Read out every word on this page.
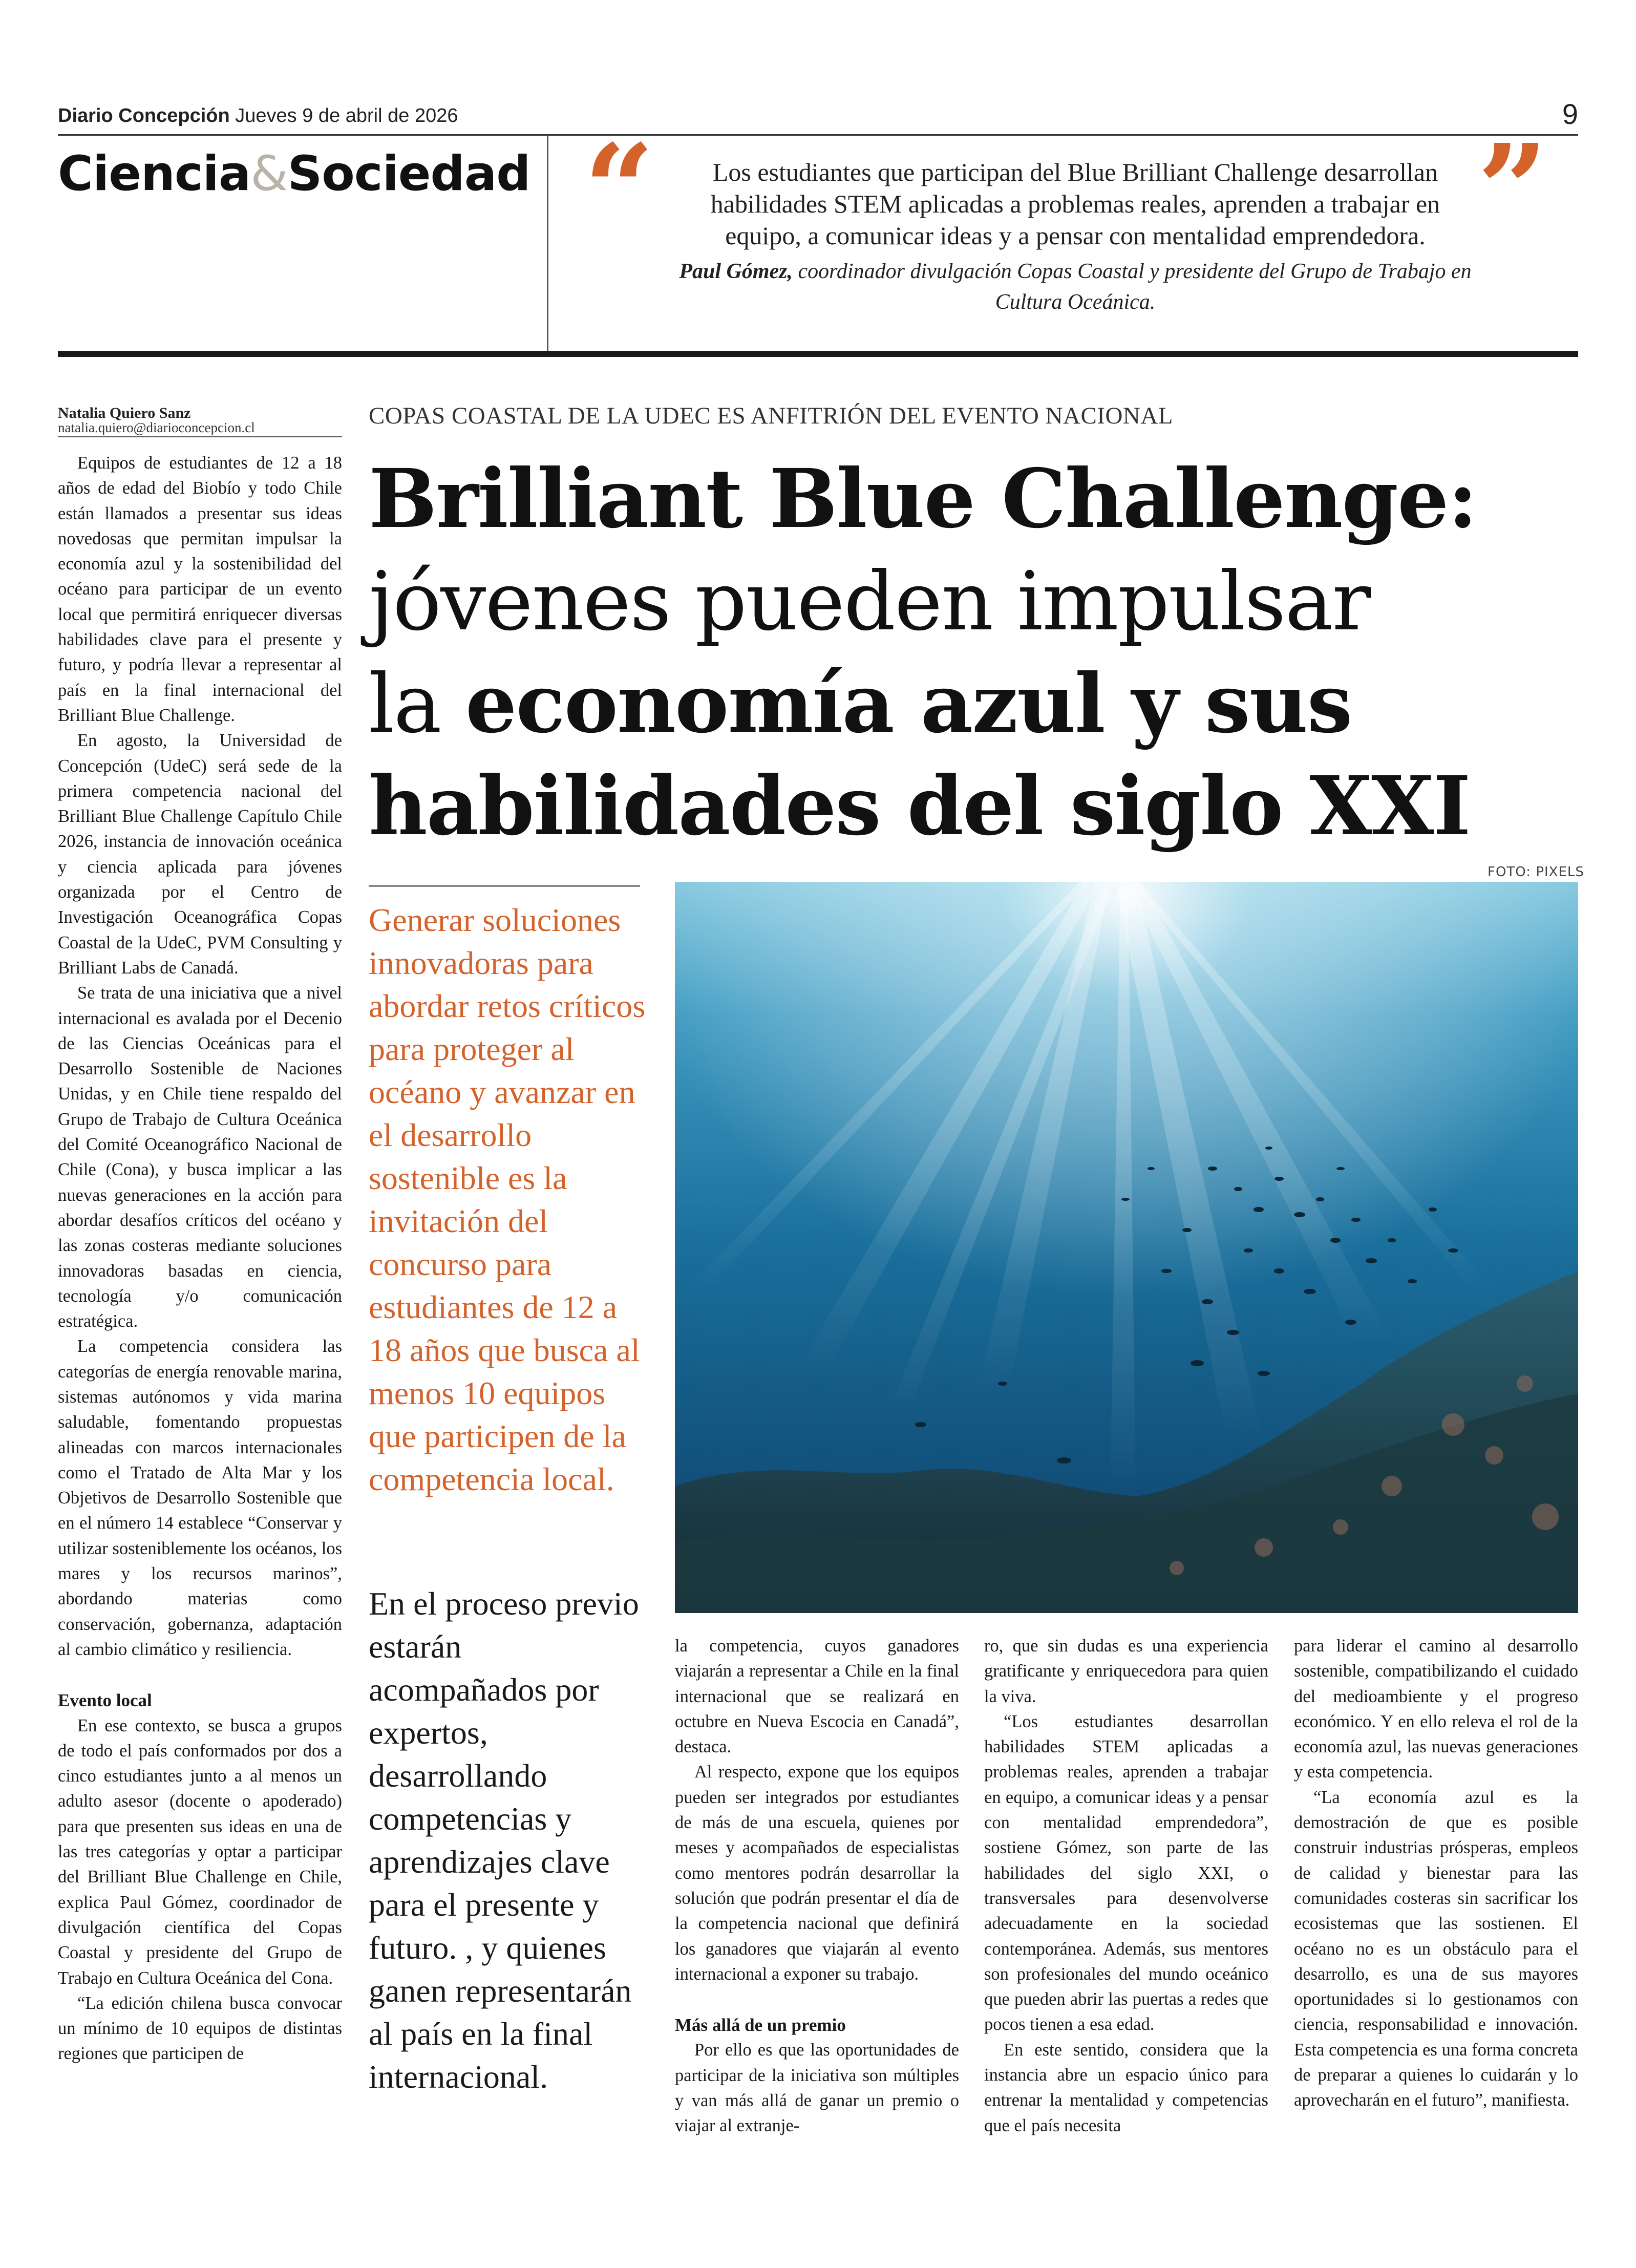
Diario Concepción Jueves 9 de abril de 2026	9
Ciencia&Sociedad “	Los estudiantes que participan del Blue Brilliant Challenge desarrollan habilidades STEM aplicadas a problemas reales, aprenden a trabajar en equipo, a comunicar ideas y a pensar con mentalidad emprendedora.
Paul Gómez, coordinador divulgación Copas Coastal y presidente del Grupo de Trabajo en Cultura Oceánica.
”
Natalia Quiero Sanz
natalia.quiero@diarioconcepcion.cl	COPAS COASTAL DE LA UDEC ES ANFITRIÓN DEL EVENTO NACIONAL
Brilliant Blue Challenge:
jóvenes pueden impulsar
la economía azul y sus
habilidades del siglo XXI

Equipos de estudiantes de 12 a 18 años de edad del Biobío y todo Chile están llamados a presentar sus ideas novedosas que permitan impulsar la economía azul y la sostenibilidad del océano para participar de un evento local que permitirá enriquecer diversas habilidades clave para el presente y futuro, y podría llevar a representar al país en la final internacional del Brilliant Blue Challenge.

En agosto, la Universidad de Concepción (UdeC) será sede de la primera competencia nacional del Brilliant Blue Challenge Capítulo Chile 2026, instancia de innovación oceánica y ciencia aplicada para jóvenes organizada por el Centro de Investigación Oceanográfica Copas Coastal de la UdeC, PVM Consulting y Brilliant Labs de Canadá.

Se trata de una iniciativa que a nivel internacional es avalada por el Decenio de las Ciencias Oceánicas para el Desarrollo Sostenible de Naciones Unidas, y en Chile tiene respaldo del Grupo de Trabajo de Cultura Oceánica del Comité Oceanográfico Nacional de Chile (Cona), y busca implicar a las nuevas generaciones en la acción para abordar desafíos críticos del océano y las zonas costeras mediante soluciones innovadoras basadas en ciencia, tecnología y/o comunicación estratégica.

La competencia considera las categorías de energía renovable marina, sistemas autónomos y vida marina saludable, fomentando propuestas alineadas con marcos internacionales como el Tratado de Alta Mar y los Objetivos de Desarrollo Sostenible que en el número 14 establece “Conservar y utilizar sosteniblemente los océanos, los mares y los recursos marinos”, abordando materias como conservación, gobernanza, adaptación al cambio climático y resiliencia.

Evento local

En ese contexto, se busca a grupos de todo el país conformados por dos a cinco estudiantes junto a al menos un adulto asesor (docente o apoderado) para que presenten sus ideas en una de las tres categorías y optar a participar del Brilliant Blue Challenge en Chile, explica Paul Gómez, coordinador de divulgación científica del Copas Coastal y presidente del Grupo de Trabajo en Cultura Oceánica del Cona.

“La edición chilena busca convocar un mínimo de 10 equipos de distintas regiones que participen de

Generar soluciones innovadoras para abordar retos críticos para proteger al océano y avanzar en el desarrollo sostenible es la invitación del concurso para estudiantes de 12 a 18 años que busca al menos 10 equipos que participen de la competencia local.
En el proceso previo estarán acompañados por expertos, desarrollando competencias y aprendizajes clave para el presente y futuro. , y quienes ganen representarán al país en la final internacional.
FOTO: PIXELS

la competencia, cuyos ganadores viajarán a representar a Chile en la final internacional que se realizará en octubre en Nueva Escocia en Canadá”, destaca.

Al respecto, expone que los equipos pueden ser integrados por estudiantes de más de una escuela, quienes por meses y acompañados de especialistas como mentores podrán desarrollar la solución que podrán presentar el día de la competencia nacional que definirá los ganadores que viajarán al evento internacional a exponer su trabajo.

Más allá de un premio

Por ello es que las oportunidades de participar de la iniciativa son múltiples y van más allá de ganar un premio o viajar al extranje-

ro, que sin dudas es una experiencia gratificante y enriquecedora para quien la viva.

“Los estudiantes desarrollan habilidades STEM aplicadas a problemas reales, aprenden a trabajar en equipo, a comunicar ideas y a pensar con mentalidad emprendedora”, sostiene Gómez, son parte de las habilidades del siglo XXI, o transversales para desenvolverse adecuadamente en la sociedad contemporánea. Además, sus mentores son profesionales del mundo oceánico que pueden abrir las puertas a redes que pocos tienen a esa edad.

En este sentido, considera que la instancia abre un espacio único para entrenar la mentalidad y competencias que el país necesita

para liderar el camino al desarrollo sostenible, compatibilizando el cuidado del medioambiente y el progreso económico. Y en ello releva el rol de la economía azul, las nuevas generaciones y esta competencia.

“La economía azul es la demostración de que es posible construir industrias prósperas, empleos de calidad y bienestar para las comunidades costeras sin sacrificar los ecosistemas que las sostienen. El océano no es un obstáculo para el desarrollo, es una de sus mayores oportunidades si lo gestionamos con ciencia, responsabilidad e innovación. Esta competencia es una forma concreta de preparar a quienes lo cuidarán y lo aprovecharán en el futuro”, manifiesta.
